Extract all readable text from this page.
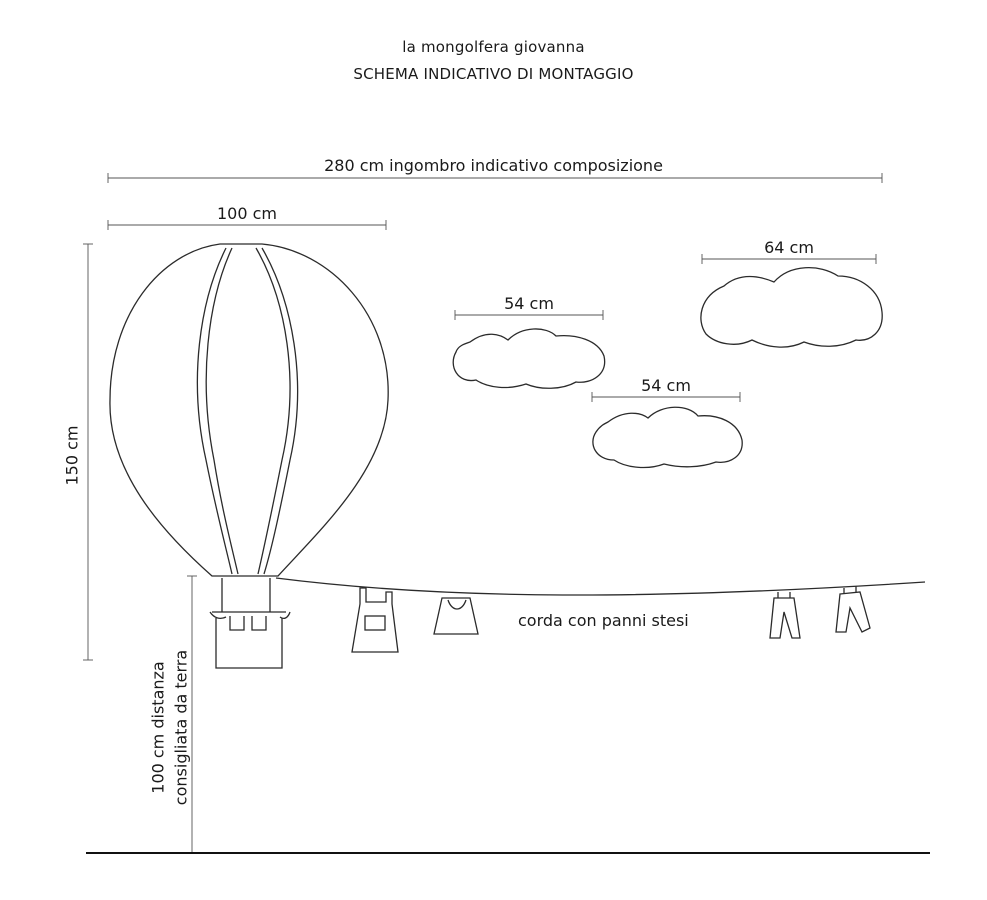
la mongolfera giovanna
SCHEMA INDICATIVO DI MONTAGGIO
280 cm ingombro indicativo composizione
100 cm
64 cm
54 cm
54 cm
corda con panni stesi
150 cm
100 cm distanza consigliata da terra
